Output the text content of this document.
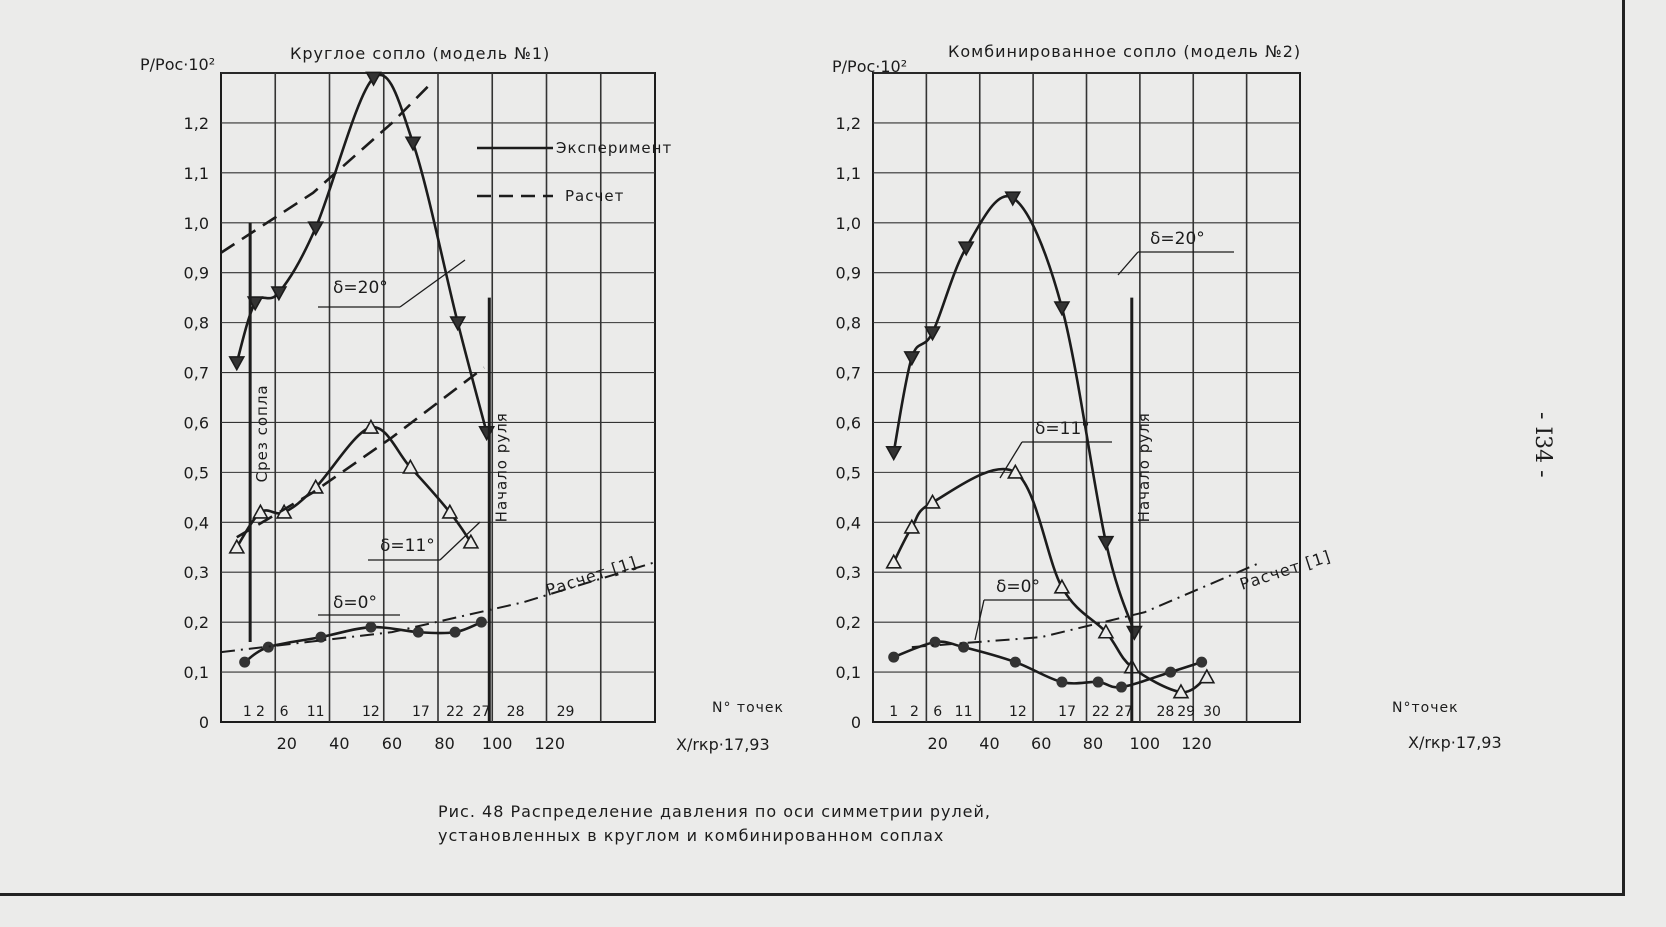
Круглое сопло (модель №1)
P/Pос·10²
X/rкр·17,93
N° точек
0
0,1
0,2
0,3
0,4
0,5
0,6
0,7
0,8
0,9
1,0
1,1
1,2
20 40 60 80 100 120
1 2 6 11	12 17 22 27 28 29
Срез сопла	Начало руля
Эксперимент
Расчет
δ=20°
δ=11°
δ=0°
Расчет [1]
Комбинированное сопло (модель №2)
P/Pос·10²
X/rкр·17,93
N°точек
0
0,1
0,2
0,3
0,4
0,5
0,6
0,7
0,8
0,9
1,0
1,1
1,2
20 40 60 80 100 120
1 2 6 11	12 17 22 27 28 29 30
Начало руля
δ=20°
δ=11°
δ=0°	Расчет [1]
- I34 -
Рис. 48 Распределение давления по оси симметрии рулей,
установленных в круглом и комбинированном соплах
